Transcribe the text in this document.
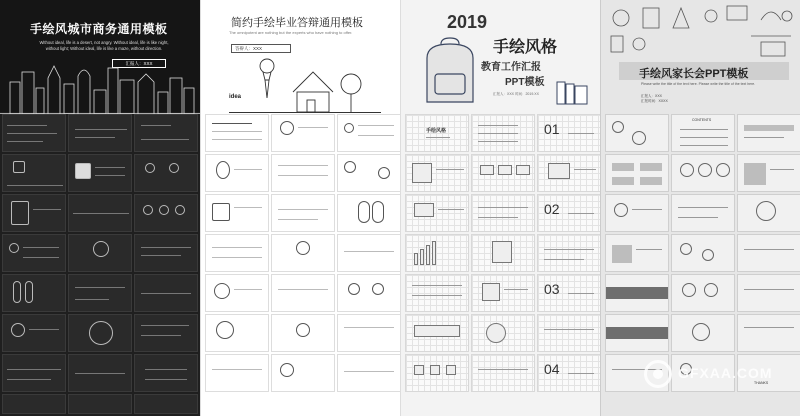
手绘风城市商务通用模板
Without ideal, life is a desert, not angry. Without ideal, life is like night, without light; Without ideal, life is like a maze, without direction.
汇报人：XXX
简约手绘毕业答辩通用模板
The omnipotent are nothing but the experts who have nothing to offer.
答辩人：XXX
idea
2019
手绘风格
教育工作汇报
PPT模板
汇报人：XXX 时间：2019.XX
手绘风格	01
02
03
04
手绘风家长会PPT模板
Please write the title of the text here. Please write the title of the text here.
汇报人：XXX
汇报时间：XXXX
CONTENTS
THANKS
GFXAA.COM
